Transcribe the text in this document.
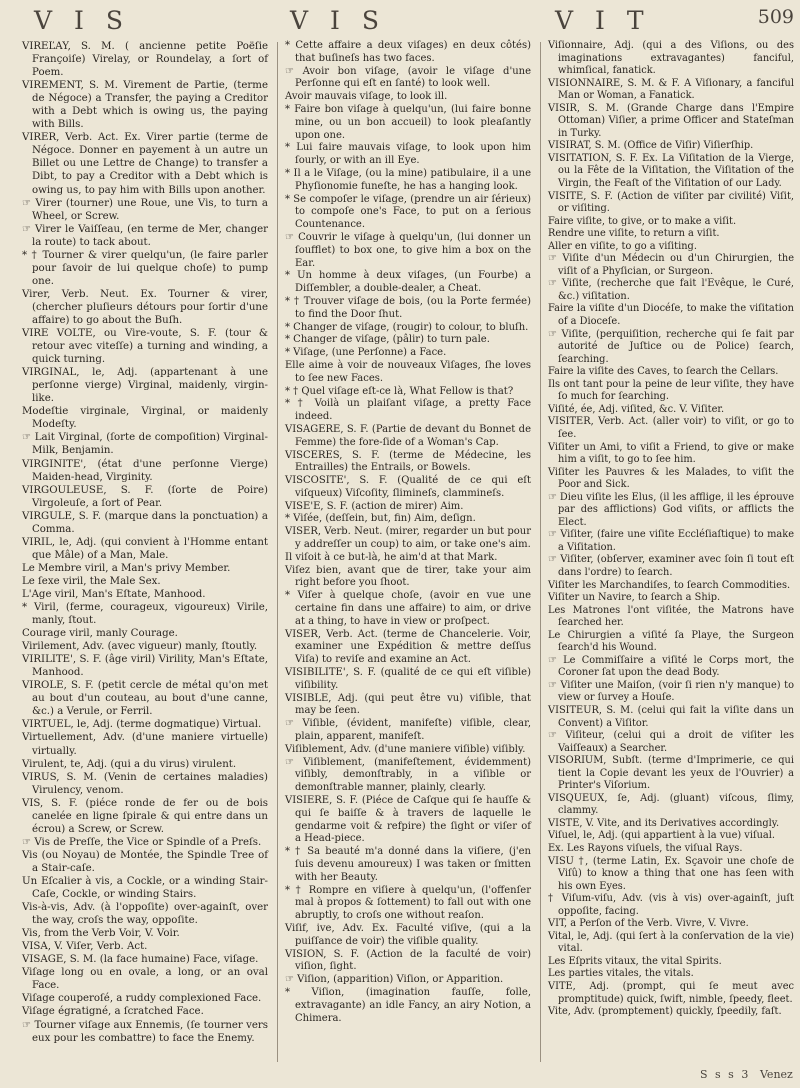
V I S	V I S	V I T	509

VIREĽAY, S. M. ( ancienne petite Poëſie Françoiſe) Virelay, or Roundelay, a ſort of Poem.

VIREMENT, S. M. Virement de Partie, (terme de Négoce) a Transfer, the paying a Creditor with a Debt which is owing us, the paying with Bills.

VIRER, Verb. Act. Ex. Virer partie (terme de Négoce. Donner en payement à un autre un Billet ou une Lettre de Change) to transfer a Dibt, to pay a Creditor with a Debt which is owing us, to pay him with Bills upon another.

☞ Virer (tourner) une Roue, une Vis, to turn a Wheel, or Screw.

☞ Virer le Vaiſſeau, (en terme de Mer, changer la route) to tack about.

* † Tourner & virer quelqu'un, (le faire parler pour ſavoir de lui quelque choſe) to pump one.

Virer, Verb. Neut. Ex. Tourner & virer, (chercher pluſieurs détours pour ſortir d'une affaire) to go about the Buſh.

VIRE VOLTE, ou Vire-voute, S. F. (tour & retour avec viteſſe) a turning and winding, a quick turning.

VIRGINAL, le, Adj. (appartenant à une perſonne vierge) Virginal, maidenly, virgin-like.

Modeſtie virginale, Virginal, or maidenly Modeſty.

☞ Lait Virginal, (ſorte de compoſition) Virginal-Milk, Benjamin.

VIRGINITE', (état d'une perſonne Vierge) Maiden-head, Virginity.

VIRGOULEUSE, S. F. (ſorte de Poire) Virgoleuſe, a ſort of Pear.

VIRGULE, S. F. (marque dans la ponctuation) a Comma.

VIRIL, le, Adj. (qui convient à l'Homme entant que Mâle) of a Man, Male.

Le Membre viril, a Man's privy Member.

Le ſexe viril, the Male Sex.

L'Age viril, Man's Eſtate, Manhood.

* Viril, (ferme, courageux, vigoureux) Virile, manly, ſtout.

Courage viril, manly Courage.

Virilement, Adv. (avec vigueur) manly, ſtoutly.

VIRILITE', S. F. (âge viril) Virility, Man's Eſtate, Manhood.

VIROLE, S. F. (petit cercle de métal qu'on met au bout d'un couteau, au bout d'une canne, &c.) a Verule, or Ferril.

VIRTUEL, le, Adj. (terme dogmatique) Virtual.

Virtuellement, Adv. (d'une maniere virtuelle) virtually.

Virulent, te, Adj. (qui a du virus) virulent.

VIRUS, S. M. (Venin de certaines maladies) Virulency, venom.

VIS, S. F. (piéce ronde de fer ou de bois canelée en ligne ſpirale & qui entre dans un écrou) a Screw, or Screw.

☞ Vis de Preſſe, the Vice or Spindle of a Preſs.

Vis (ou Noyau) de Montée, the Spindle Tree of a Stair-caſe.

Un Eſcalier à vis, a Cockle, or a winding Stair-Caſe, Cockle, or winding Stairs.

Vis-à-vis, Adv. (à l'oppoſite) over-againſt, over the way, croſs the way, oppoſite.

Vis, from the Verb Voir, V. Voir.

VISA, V. Viſer, Verb. Act.

VISAGE, S. M. (la face humaine) Face, viſage.

Viſage long ou en ovale, a long, or an oval Face.

Viſage couperoſé, a ruddy complexioned Face.

Viſage égratigné, a ſcratched Face.

☞ Tourner viſage aux Ennemis, (ſe tourner vers eux pour les combattre) to face the Enemy.

* Cette affaire a deux viſages) en deux côtés) that buſineſs has two faces.

☞ Avoir bon viſage, (avoir le viſage d'une Perſonne qui eſt en ſanté) to look well.

Avoir mauvais viſage, to look ill.

* Faire bon viſage à quelqu'un, (lui faire bonne mine, ou un bon accueil) to look pleaſantly upon one.

* Lui faire mauvais viſage, to look upon him ſourly, or with an ill Eye.

* Il a le Viſage, (ou la mine) patibulaire, il a une Phyſionomie funeſte, he has a hanging look.

* Se compoſer le viſage, (prendre un air ſérieux) to compoſe one's Face, to put on a ſerious Countenance.

☞ Couvrir le viſage à quelqu'un, (lui donner un ſoufflet) to box one, to give him a box on the Ear.

* Un homme à deux viſages, (un Fourbe) a Diſſembler, a double-dealer, a Cheat.

* † Trouver viſage de bois, (ou la Porte fermée) to find the Door ſhut.

* Changer de viſage, (rougir) to colour, to bluſh.

* Changer de viſage, (pâlir) to turn pale.

* Viſage, (une Perſonne) a Face.

Elle aime à voir de nouveaux Viſages, ſhe loves to ſee new Faces.

* † Quel viſage eſt-ce là, What Fellow is that?

* † Voilà un plaiſant viſage, a pretty Face indeed.

VISAGERE, S. F. (Partie de devant du Bonnet de Femme) the fore-ſide of a Woman's Cap.

VISCERES, S. F. (terme de Médecine, les Entrailles) the Entrails, or Bowels.

VISCOSITE', S. F. (Qualité de ce qui eſt viſqueux) Viſcoſity, ſliminеſs, clamminеſs.

VISE'E, S. F. (action de mirer) Aim.

* Viſée, (deſſein, but, fin) Aim, deſign.

VISER, Verb. Neut. (mirer, regarder un but pour y addreſſer un coup) to aim, or take one's aim.

Il viſoit à ce but-là, he aim'd at that Mark.

Viſez bien, avant que de tirer, take your aim right before you ſhoot.

* Viſer à quelque choſe, (avoir en vue une certaine fin dans une affaire) to aim, or drive at a thing, to have in view or proſpect.

VISER, Verb. Act. (terme de Chancelerie. Voir, examiner une Expédition & mettre deſſus Viſa) to reviſe and examine an Act.

VISIBILITE', S. F. (qualité de ce qui eſt viſible) viſibility.

VISIBLE, Adj. (qui peut être vu) viſible, that may be ſeen.

☞ Viſible, (évident, manifeſte) viſible, clear, plain, apparent, manifeſt.

Viſiblement, Adv. (d'une maniere viſible) viſibly.

☞ Viſiblement, (manifeſtement, évidemment) viſibly, demonſtrably, in a viſible or demonſtrable manner, plainly, clearly.

VISIERE, S. F. (Piéce de Caſque qui ſe hauſſe & qui ſe baiſſe & à travers de laquelle le gendarme voit & refpire) the ſight or viſer of a Head-piece.

* † Sa beauté m'a donné dans la viſiere, (j'en ſuis devenu amoureux) I was taken or ſmitten with her Beauty.

* † Rompre en viſiere à quelqu'un, (l'offenſer mal à propos & ſottement) to fall out with one abruptly, to croſs one without reaſon.

Viſif, ive, Adv. Ex. Faculté viſive, (qui a la puiſſance de voir) the viſible quality.

VISION, S. F. (Action de la faculté de voir) viſion, ſight.

☞ Viſion, (apparition) Viſion, or Apparition.

* Viſion, (imagination fauſſe, folle, extravagante) an idle Fancy, an airy Notion, a Chimera.

Viſionnaire, Adj. (qui a des Viſions, ou des imaginations extravagantes) fanciful, whimſical, fanatick.

VISIONNAIRE, S. M. & F. A Viſionary, a fanciful Man or Woman, a Fanatick.

VISIR, S. M. (Grande Charge dans l'Empire Ottoman) Viſier, a prime Officer and Stateſman in Turky.

VISIRAT, S. M. (Office de Viſir) Viſierſhip.

VISITATION, S. F. Ex. La Viſitation de la Vierge, ou la Fête de la Viſitation, the Viſitation of the Virgin, the Feaſt of the Viſitation of our Lady.

VISITE, S. F. (Action de viſiter par civilité) Viſit, or viſiting.

Faire viſite, to give, or to make a viſit.

Rendre une viſite, to return a viſit.

Aller en viſite, to go a viſiting.

☞ Viſite d'un Médecin ou d'un Chirurgien, the viſit of a Phyſician, or Surgeon.

☞ Viſite, (recherche que fait l'Evêque, le Curé, &c.) viſitation.

Faire la viſite d'un Diocéſe, to make the viſitation of a Dioceſe.

☞ Viſite, (perquiſition, recherche qui ſe fait par autorité de Juſtice ou de Police) ſearch, ſearching.

Faire la viſite des Caves, to ſearch the Cellars.

Ils ont tant pour la peine de leur viſite, they have ſo much for ſearching.

Viſité, ée, Adj. viſited, &c. V. Viſiter.

VISITER, Verb. Act. (aller voir) to viſit, or go to ſee.

Viſiter un Ami, to viſit a Friend, to give or make him a viſit, to go to ſee him.

Viſiter les Pauvres & les Malades, to viſit the Poor and Sick.

☞ Dieu viſite les Elus, (il les afflige, il les éprouve par des afflictions) God viſits, or afflicts the Elect.

☞ Viſiter, (faire une viſite Eccléſiaſtique) to make a Viſitation.

☞ Viſiter, (obſerver, examiner avec ſoin ſi tout eſt dans l'ordre) to ſearch.

Viſiter les Marchandiſes, to ſearch Commodities.

Viſiter un Navire, to ſearch a Ship.

Les Matrones l'ont viſitée, the Matrons have ſearched her.

Le Chirurgien a viſité ſa Playe, the Surgeon ſearch'd his Wound.

☞ Le Commiſſaire a viſité le Corps mort, the Coroner ſat upon the dead Body.

☞ Viſiter une Maiſon, (voir ſi rien n'y manque) to view or ſurvey a Houſe.

VISITEUR, S. M. (celui qui fait la viſite dans un Convent) a Viſitor.

☞ Viſiteur, (celui qui a droit de viſiter les Vaiſſeaux) a Searcher.

VISORIUM, Subſt. (terme d'Imprimerie, ce qui tient la Copie devant les yeux de l'Ouvrier) a Printer's Viſorium.

VISQUEUX, ſe, Adj. (gluant) viſcous, ſlimy, clammy.

VISTE, V. Vite, and its Derivatives accordingly.

Viſuel, le, Adj. (qui appartient à la vue) viſual.

Ex. Les Rayons viſuels, the viſual Rays.

VISU †, (terme Latin, Ex. Sçavoir une choſe de Viſû) to know a thing that one has ſeen with his own Eyes.

† Viſum-viſu, Adv. (vis à vis) over-againſt, juſt oppoſite, facing.

VIT, a Perſon of the Verb. Vivre, V. Vivre.

Vital, le, Adj. (qui ſert à la conſervation de la vie) vital.

Les Eſprits vitaux, the vital Spirits.

Les parties vitales, the vitals.

VITE, Adj. (prompt, qui ſe meut avec promptitude) quick, ſwift, nimble, ſpeedy, fleet.

Vite, Adv. (promptement) quickly, ſpeedily, faſt.

S s s 3 Venez
